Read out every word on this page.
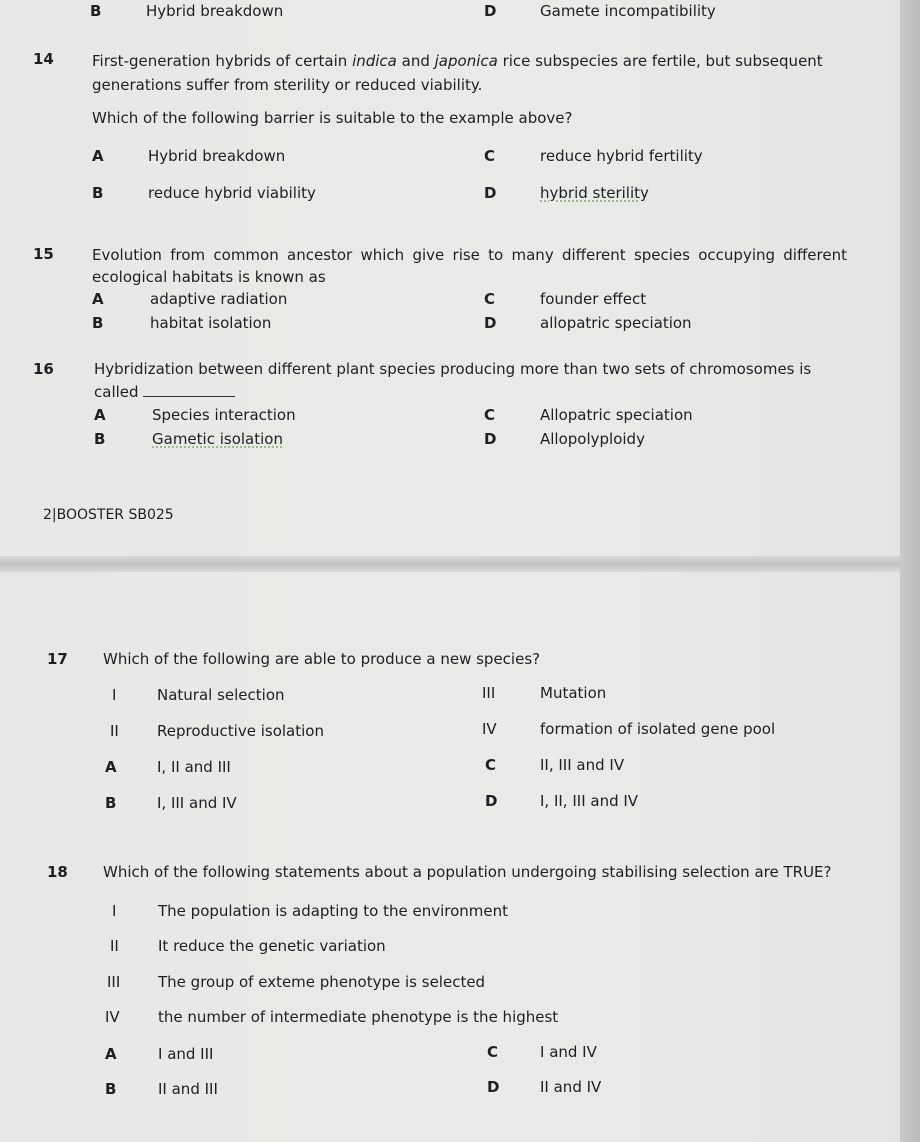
B	Hybrid breakdown	D	Gamete incompatibility
14	First-generation hybrids of certain indica and japonica rice subspecies are fertile, but subsequent generations suffer from sterility or reduced viability.
Which of the following barrier is suitable to the example above?
A	Hybrid breakdown	C	reduce hybrid fertility
B	reduce hybrid viability	D	hybrid sterility
15	Evolution from common ancestor which give rise to many different species occupying different ecological habitats is known as
A	adaptive radiation	C	founder effect
B	habitat isolation	D	allopatric speciation
16	Hybridization between different plant species producing more than two sets of chromosomes is
called
A	Species interaction	C	Allopatric speciation
B	Gametic isolation	D	Allopolyploidy
2|BOOSTER SB025
17 Which of the following are able to produce a new species?
I	Natural selection	III	Mutation
II	Reproductive isolation	IV	formation of isolated gene pool
A	I, II and III	C	II, III and IV
B	I, III and IV	D	I, II, III and IV
18 Which of the following statements about a population undergoing stabilising selection are TRUE?
I	The population is adapting to the environment
II	It reduce the genetic variation
III	The group of exteme phenotype is selected
IV	the number of intermediate phenotype is the highest
A	I and III	C	I and IV
B	II and III	D	II and IV
